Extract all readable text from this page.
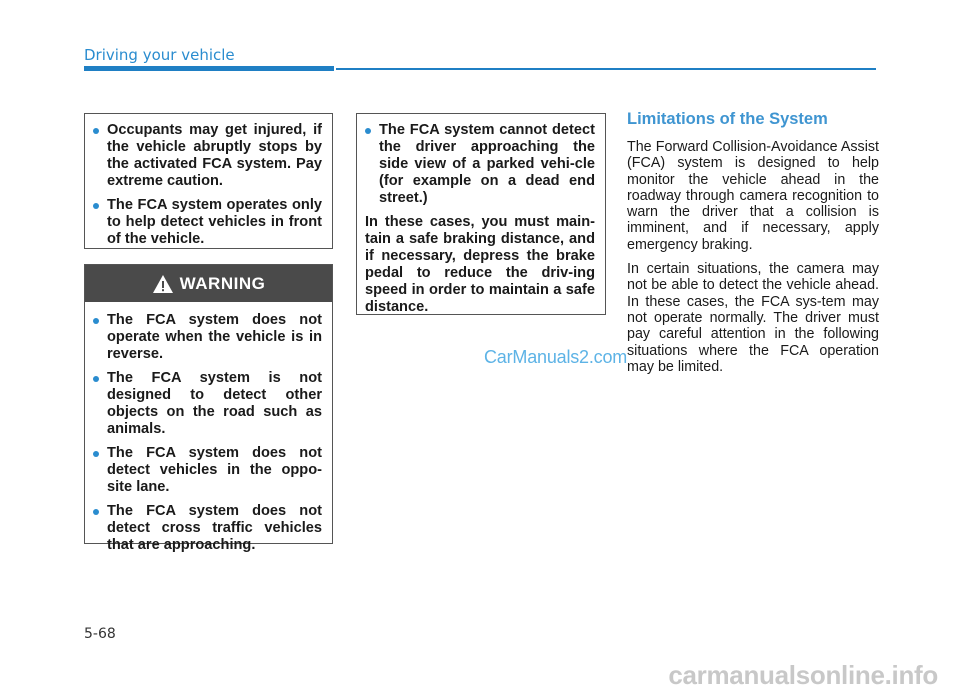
Driving your vehicle
Occupants may get injured, if the vehicle abruptly stops by the activated FCA system. Pay extreme caution.
The FCA system operates only to help detect vehicles in front of the vehicle.
WARNING
The FCA system does not operate when the vehicle is in reverse.
The FCA system is not designed to detect other objects on the road such as animals.
The FCA system does not detect vehicles in the oppo-site lane.
The FCA system does not detect cross traffic vehicles that are approaching.
The FCA system cannot detect the driver approaching the side view of a parked vehi-cle (for example on a dead end street.)

In these cases, you must main-tain a safe braking distance, and if necessary, depress the brake pedal to reduce the driv-ing speed in order to maintain a safe distance.

Limitations of the System

The Forward Collision-Avoidance Assist (FCA) system is designed to help monitor the vehicle ahead in the roadway through camera recognition to warn the driver that a collision is imminent, and if necessary, apply emergency braking.

In certain situations, the camera may not be able to detect the vehicle ahead. In these cases, the FCA sys-tem may not operate normally. The driver must pay careful attention in the following situations where the FCA operation may be limited.

CarManuals2.com
5-68
carmanualsonline.info
